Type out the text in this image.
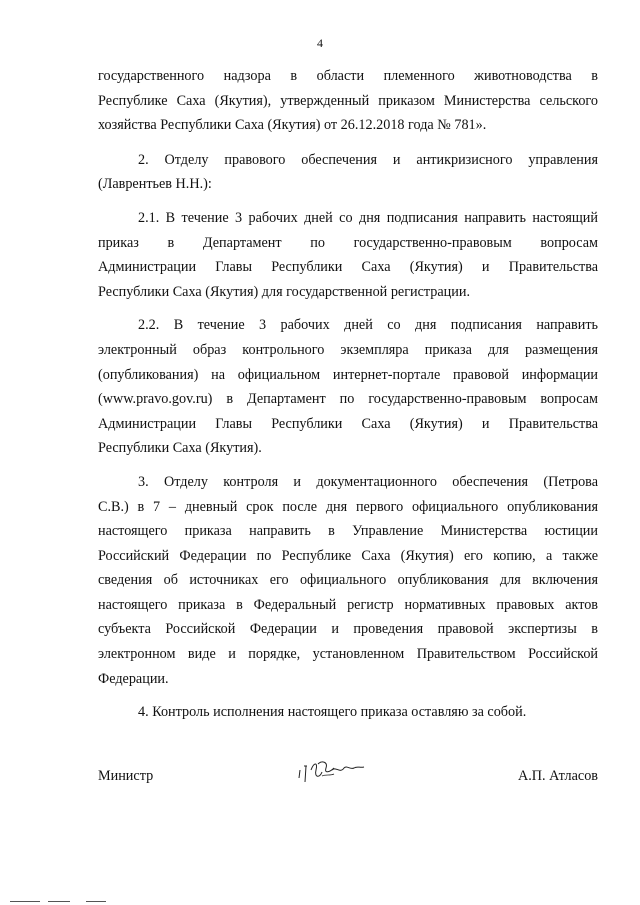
4
государственного надзора в области племенного животноводства в
Республике Саха (Якутия), утвержденный приказом Министерства сельского
хозяйства Республики Саха (Якутия) от 26.12.2018 года № 781».
2. Отделу правового обеспечения и антикризисного управления
(Лаврентьев Н.Н.):
2.1. В течение 3 рабочих дней со дня подписания направить настоящий
приказ в Департамент по государственно-правовым вопросам
Администрации Главы Республики Саха (Якутия) и Правительства
Республики Саха (Якутия) для государственной регистрации.
2.2. В течение 3 рабочих дней со дня подписания направить
электронный образ контрольного экземпляра приказа для размещения
(опубликования) на официальном интернет-портале правовой информации
(www.pravo.gov.ru) в Департамент по государственно-правовым вопросам
Администрации Главы Республики Саха (Якутия) и Правительства
Республики Саха (Якутия).
3. Отделу контроля и документационного обеспечения (Петрова
С.В.) в 7 – дневный срок после дня первого официального опубликования
настоящего приказа направить в Управление Министерства юстиции
Российский Федерации по Республике Саха (Якутия) его копию, а также
сведения об источниках его официального опубликования для включения
настоящего приказа в Федеральный регистр нормативных правовых актов
субъекта Российской Федерации и проведения правовой экспертизы в
электронном виде и порядке, установленном Правительством Российской
Федерации.
4. Контроль исполнения настоящего приказа оставляю за собой.
Министр	А.П. Атласов
